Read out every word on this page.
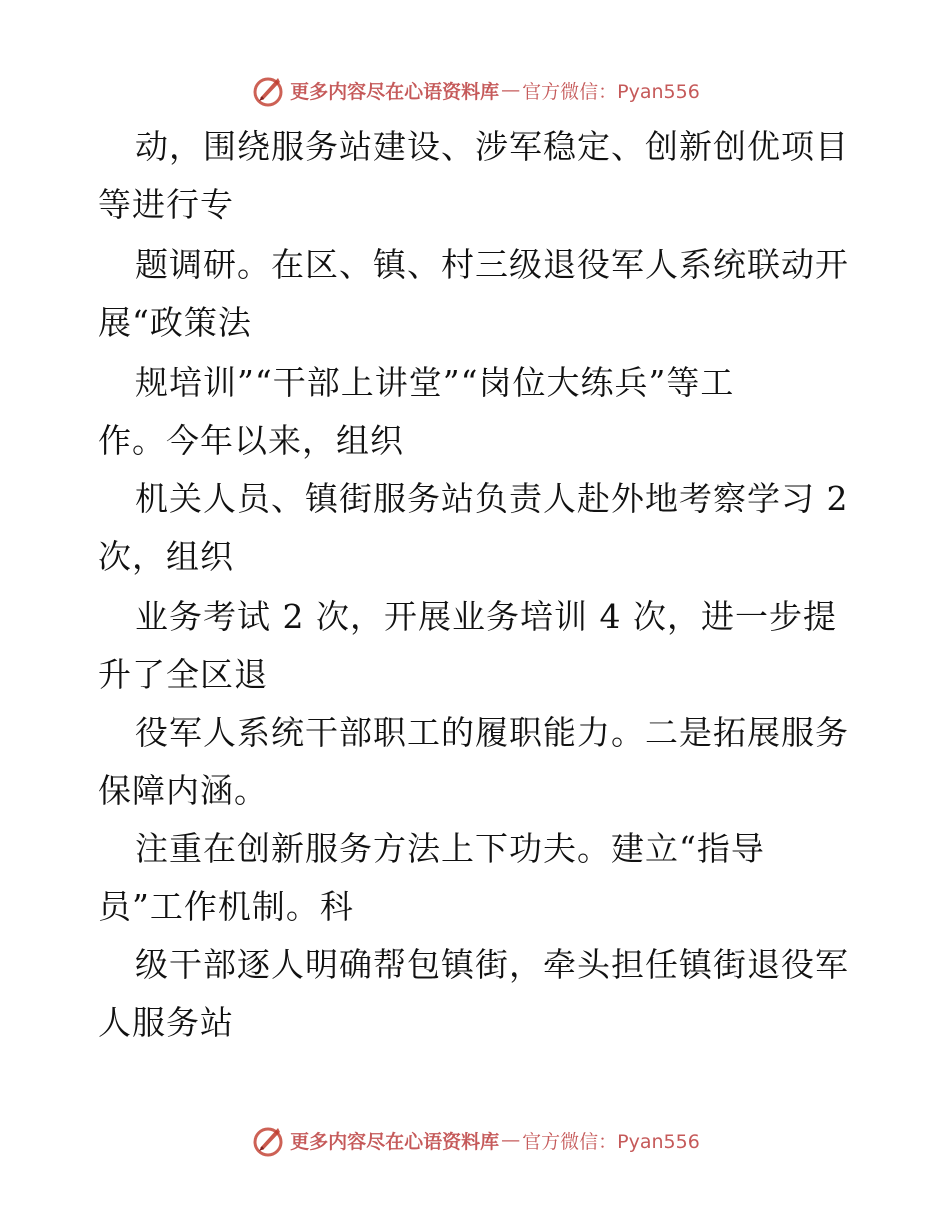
更多内容尽在心语资料库 — 官方微信：Pyan556
动，围绕服务站建设、涉军稳定、创新创优项目
等进行专
题调研。在区、镇、村三级退役军人系统联动开
展“政策法
规培训”“干部上讲堂”“岗位大练兵”等工
作。今年以来，组织
机关人员、镇街服务站负责人赴外地考察学习 2
次，组织
业务考试 2 次，开展业务培训 4 次，进一步提
升了全区退
役军人系统干部职工的履职能力。二是拓展服务
保障内涵。
注重在创新服务方法上下功夫。建立“指导
员”工作机制。科
级干部逐人明确帮包镇街，牵头担任镇街退役军
人服务站
更多内容尽在心语资料库 — 官方微信：Pyan556
